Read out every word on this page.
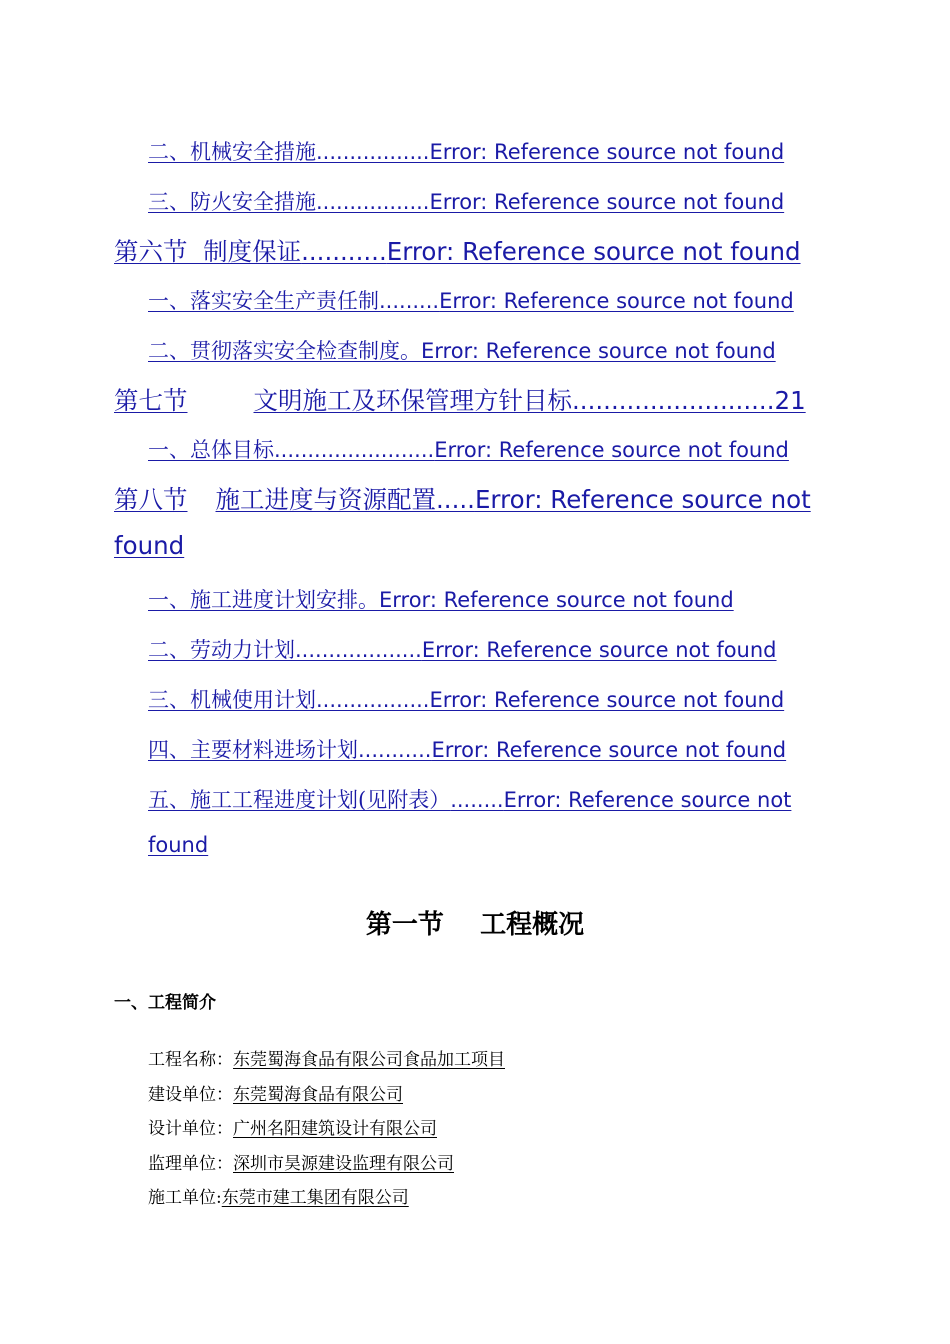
二、机械安全措施.................Error: Reference source not found
三、防火安全措施.................Error: Reference source not found
第六节  制度保证...........Error: Reference source not found
一、落实安全生产责任制.........Error: Reference source not found
二、贯彻落实安全检查制度。Error: Reference source not found
第七节	文明施工及环保管理方针目标..........................21
一、总体目标........................Error: Reference source not found
第八节 施工进度与资源配置.....Error: Reference source not
found
一、施工进度计划安排。Error: Reference source not found
二、劳动力计划...................Error: Reference source not found
三、机械使用计划.................Error: Reference source not found
四、主要材料进场计划...........Error: Reference source not found
五、施工工程进度计划(见附表）........Error: Reference source not
found
第一节    工程概况
一、工程简介
工程名称：东莞蜀海食品有限公司食品加工项目
建设单位：东莞蜀海食品有限公司
设计单位：广州名阳建筑设计有限公司
监理单位：深圳市昊源建设监理有限公司
施工单位:东莞市建工集团有限公司
